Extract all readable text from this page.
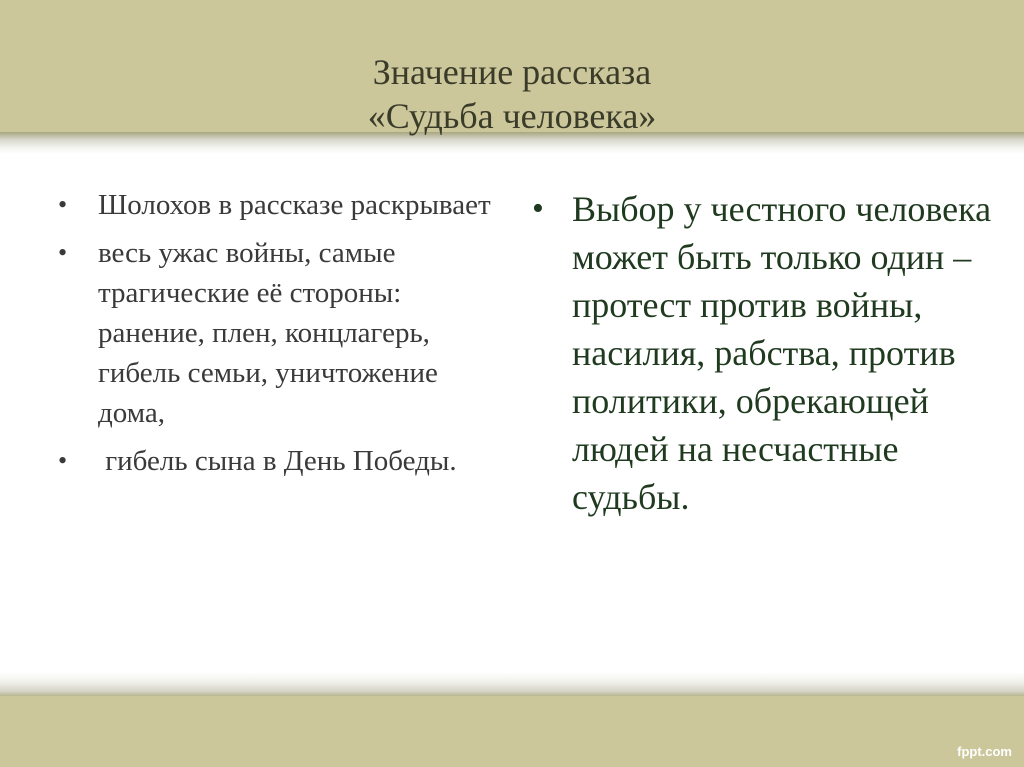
Значение рассказа
«Судьба человека»
• Шолохов в рассказе раскрывает
• весь ужас войны, самые трагические её стороны: ранение, плен, концлагерь, гибель семьи, уничтожение дома,
• гибель сына в День Победы.
• Выбор у честного человека может быть только один – протест против войны, насилия, рабства, против политики, обрекающей людей на несчастные судьбы.
fppt.com
